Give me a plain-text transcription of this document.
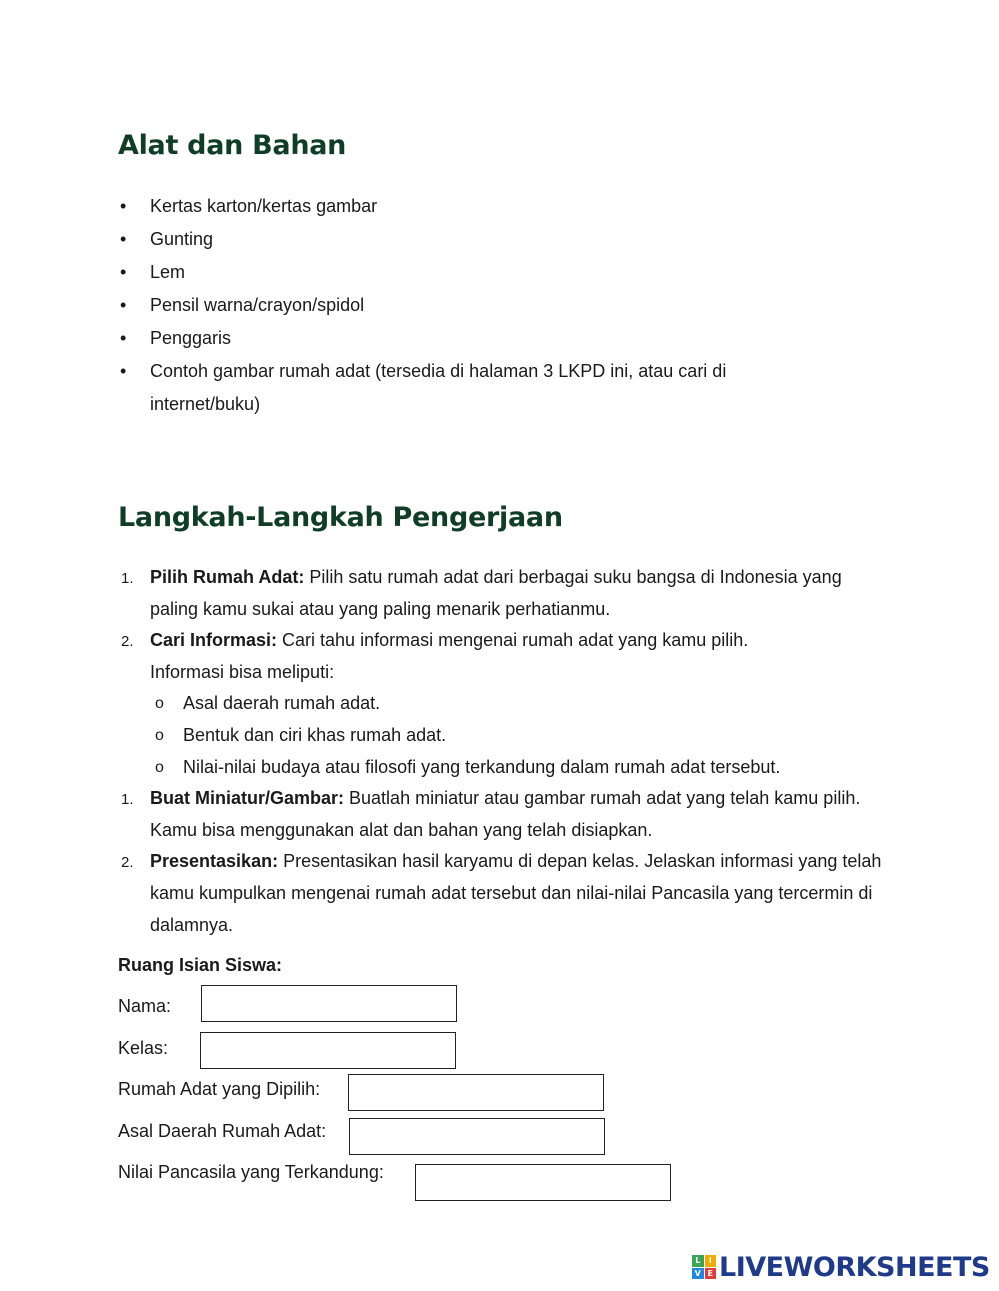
Alat dan Bahan
• Kertas karton/kertas gambar
• Gunting
• Lem
• Pensil warna/crayon/spidol
• Penggaris
• Contoh gambar rumah adat (tersedia di halaman 3 LKPD ini, atau cari di internet/buku)
Langkah-Langkah Pengerjaan
1. Pilih Rumah Adat: Pilih satu rumah adat dari berbagai suku bangsa di Indonesia yang paling kamu sukai atau yang paling menarik perhatianmu.
2. Cari Informasi: Cari tahu informasi mengenai rumah adat yang kamu pilih. Informasi bisa meliputi:
o Asal daerah rumah adat.
o Bentuk dan ciri khas rumah adat.
o Nilai-nilai budaya atau filosofi yang terkandung dalam rumah adat tersebut.
1. Buat Miniatur/Gambar: Buatlah miniatur atau gambar rumah adat yang telah kamu pilih. Kamu bisa menggunakan alat dan bahan yang telah disiapkan.
2. Presentasikan: Presentasikan hasil karyamu di depan kelas. Jelaskan informasi yang telah kamu kumpulkan mengenai rumah adat tersebut dan nilai-nilai Pancasila yang tercermin di dalamnya.
Ruang Isian Siswa:
Nama:
Kelas:
Rumah Adat yang Dipilih:
Asal Daerah Rumah Adat:
Nilai Pancasila yang Terkandung:
L	I
V E LIVEWORKSHEETS
